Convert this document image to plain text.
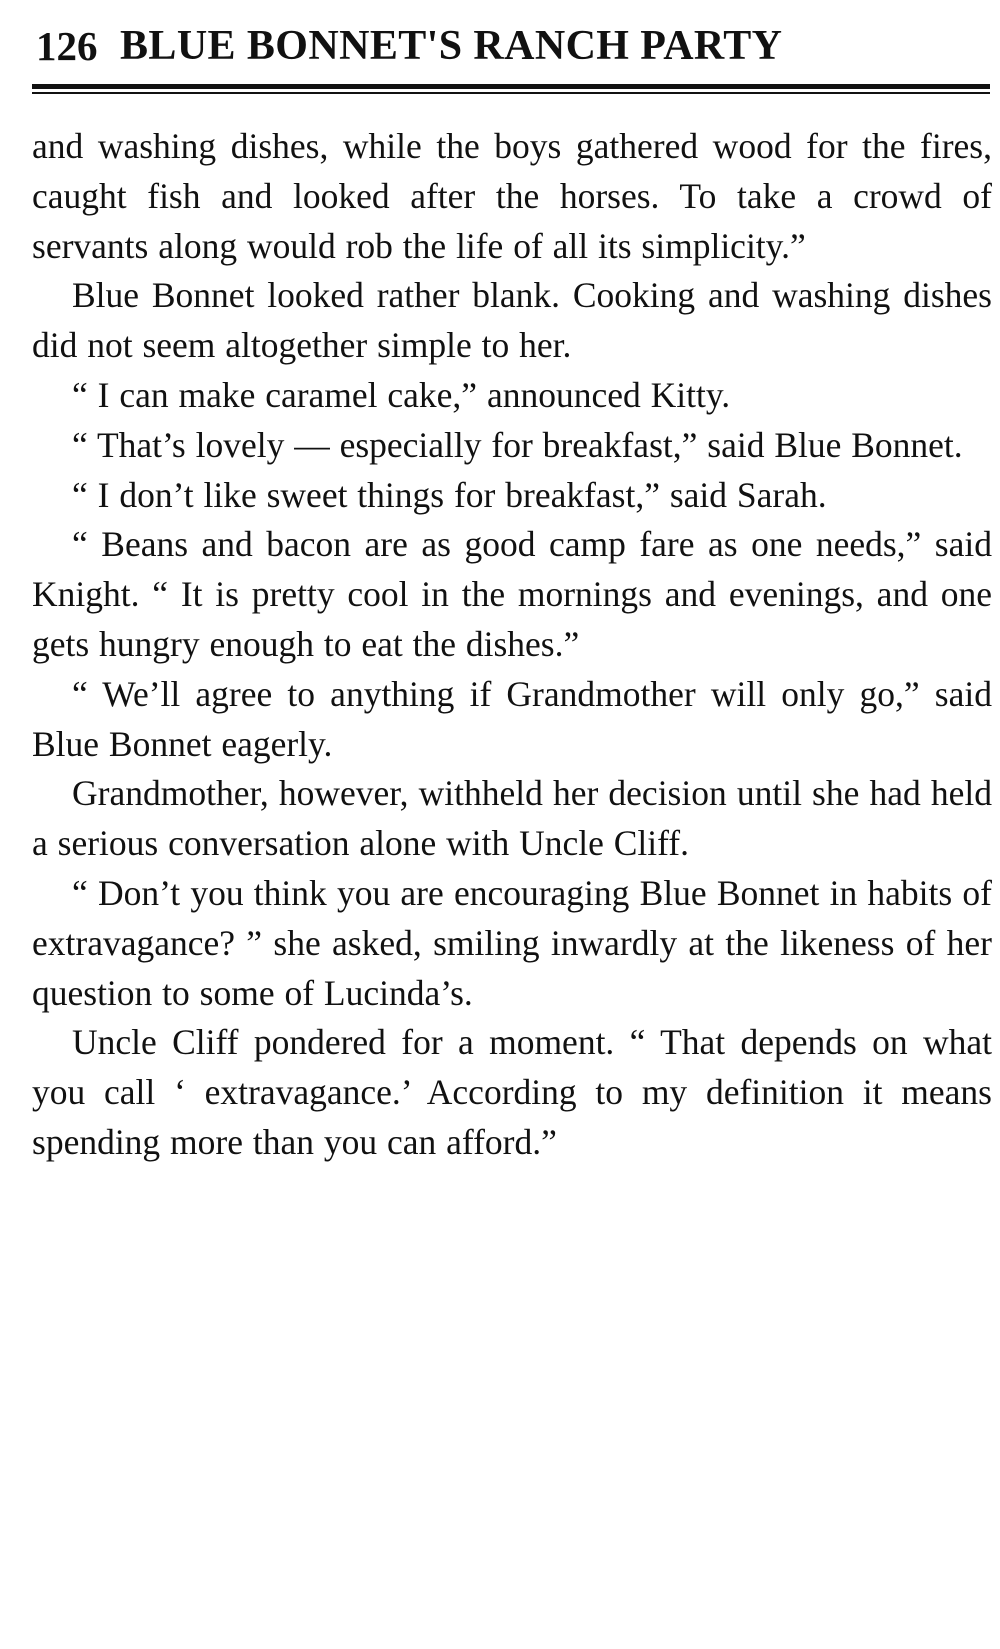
126 BLUE BONNET'S RANCH PARTY

and washing dishes, while the boys gathered wood for the fires, caught fish and looked after the horses. To take a crowd of servants along would rob the life of all its simplicity.”

Blue Bonnet looked rather blank. Cooking and washing dishes did not seem altogether simple to her.

“ I can make caramel cake,” announced Kitty.

“ That’s lovely — especially for breakfast,” said Blue Bonnet.

“ I don’t like sweet things for breakfast,” said Sarah.

“ Beans and bacon are as good camp fare as one needs,” said Knight. “ It is pretty cool in the mornings and evenings, and one gets hungry enough to eat the dishes.”

“ We’ll agree to anything if Grandmother will only go,” said Blue Bonnet eagerly.

Grandmother, however, withheld her decision until she had held a serious conversation alone with Uncle Cliff.

“ Don’t you think you are encouraging Blue Bonnet in habits of extravagance? ” she asked, smiling inwardly at the likeness of her question to some of Lucinda’s.

Uncle Cliff pondered for a moment. “ That depends on what you call ‘ extravagance.’ According to my definition it means spending more than you can afford.”
